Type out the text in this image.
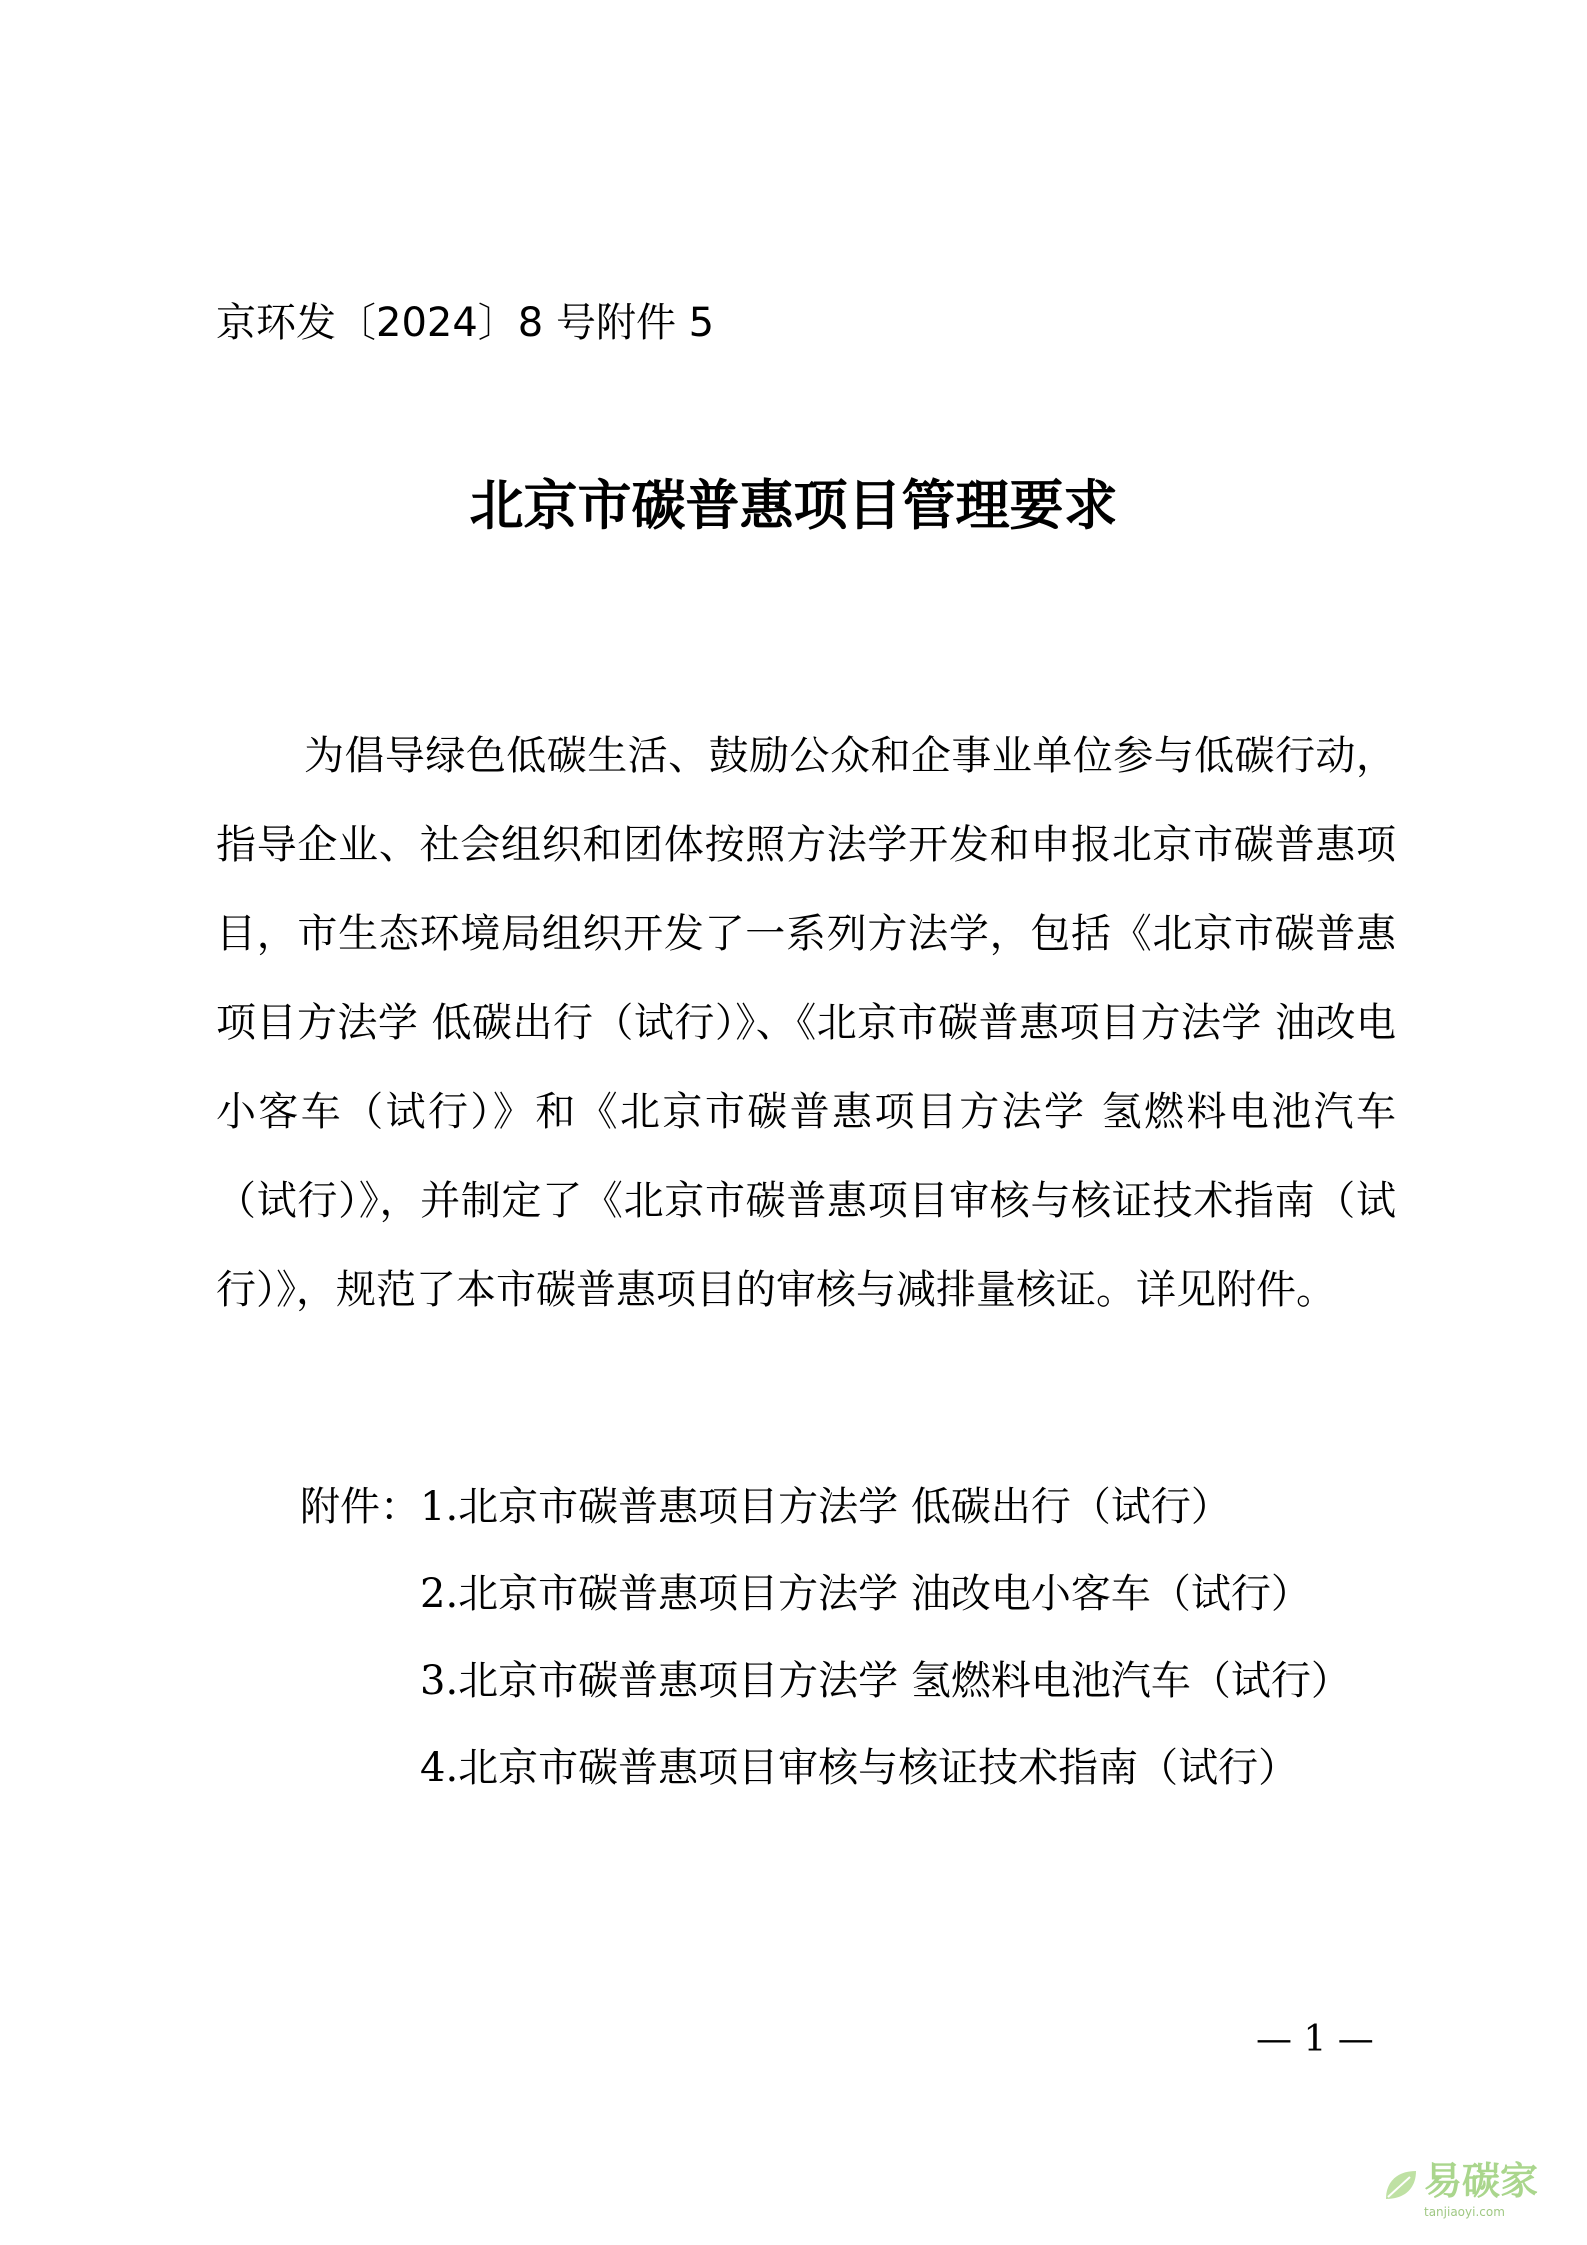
京环发〔2024〕8 号附件 5
北京市碳普惠项目管理要求
为倡导绿色低碳生活、鼓励公众和企事业单位参与低碳行动，指导企业、社会组织和团体按照方法学开发和申报北京市碳普惠项目，市生态环境局组织开发了一系列方法学，包括《北京市碳普惠项目方法学 低碳出行（试行）》、《北京市碳普惠项目方法学 油改电小客车（试行）》和《北京市碳普惠项目方法学 氢燃料电池汽车（试行）》，并制定了《北京市碳普惠项目审核与核证技术指南（试行）》，规范了本市碳普惠项目的审核与减排量核证。详见附件。
附件： 1.北京市碳普惠项目方法学 低碳出行（试行）
2.北京市碳普惠项目方法学 油改电小客车（试行）
3.北京市碳普惠项目方法学 氢燃料电池汽车（试行）
4.北京市碳普惠项目审核与核证技术指南（试行）
— 1 —
易碳家
tanjiaoyi.com
